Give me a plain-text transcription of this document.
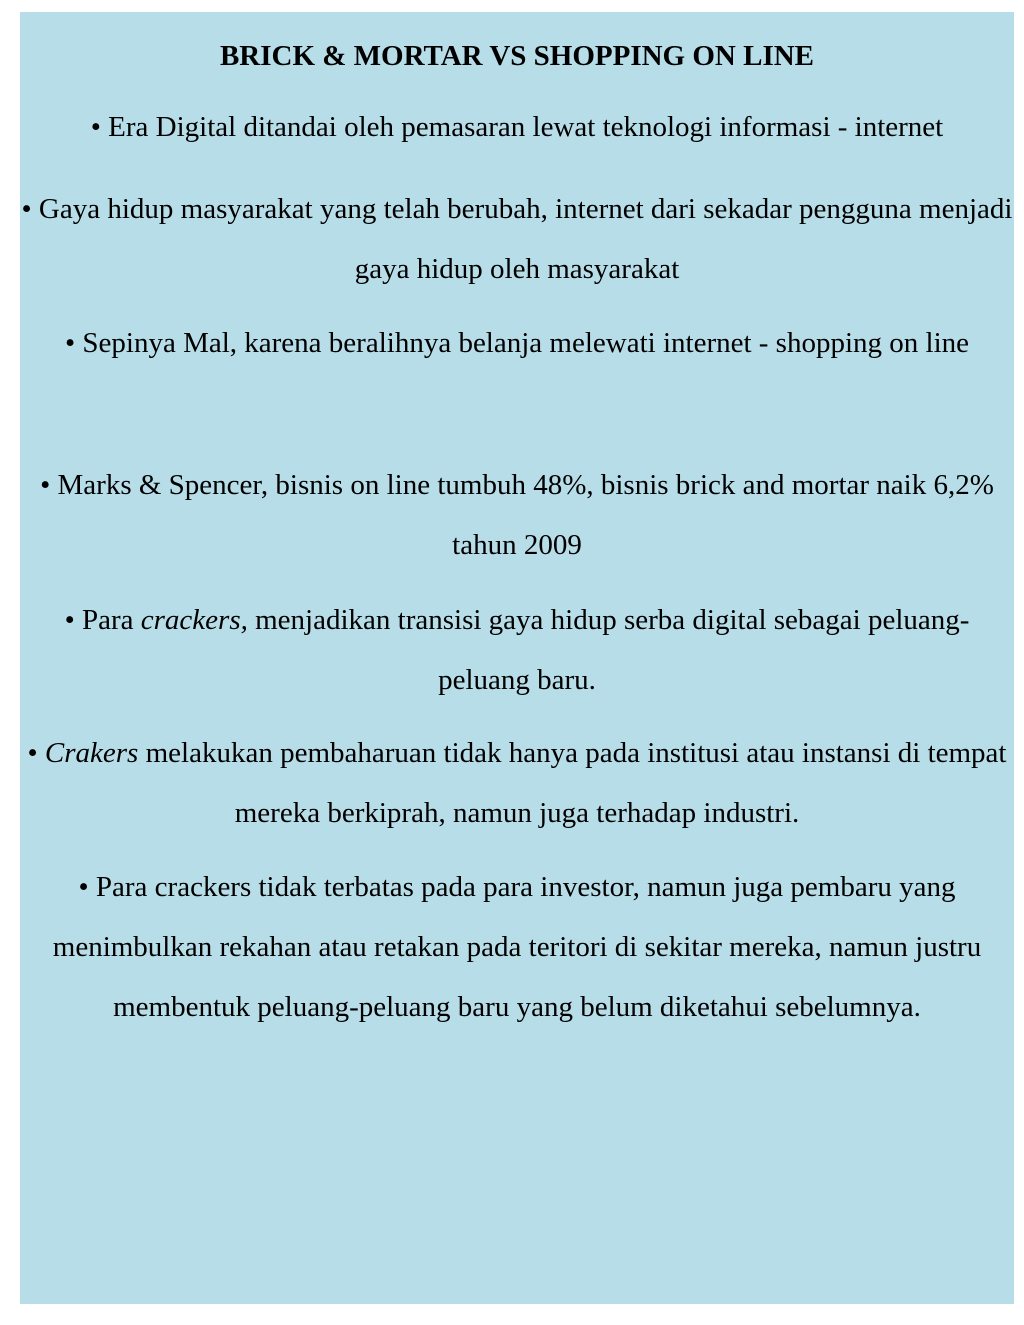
BRICK & MORTAR VS SHOPPING ON LINE

• Era Digital ditandai oleh pemasaran lewat teknologi informasi - internet

• Gaya hidup masyarakat yang telah berubah, internet dari sekadar pengguna menjadi gaya hidup oleh masyarakat

• Sepinya Mal, karena beralihnya belanja melewati internet - shopping on line

• Marks & Spencer, bisnis on line tumbuh 48%, bisnis brick and mortar naik 6,2% tahun 2009

• Para crackers, menjadikan transisi gaya hidup serba digital sebagai peluang-peluang baru.

• Crakers melakukan pembaharuan tidak hanya pada institusi atau instansi di tempat mereka berkiprah, namun juga terhadap industri.

• Para crackers tidak terbatas pada para investor, namun juga pembaru yang menimbulkan rekahan atau retakan pada teritori di sekitar mereka, namun justru membentuk peluang-peluang baru yang belum diketahui sebelumnya.
